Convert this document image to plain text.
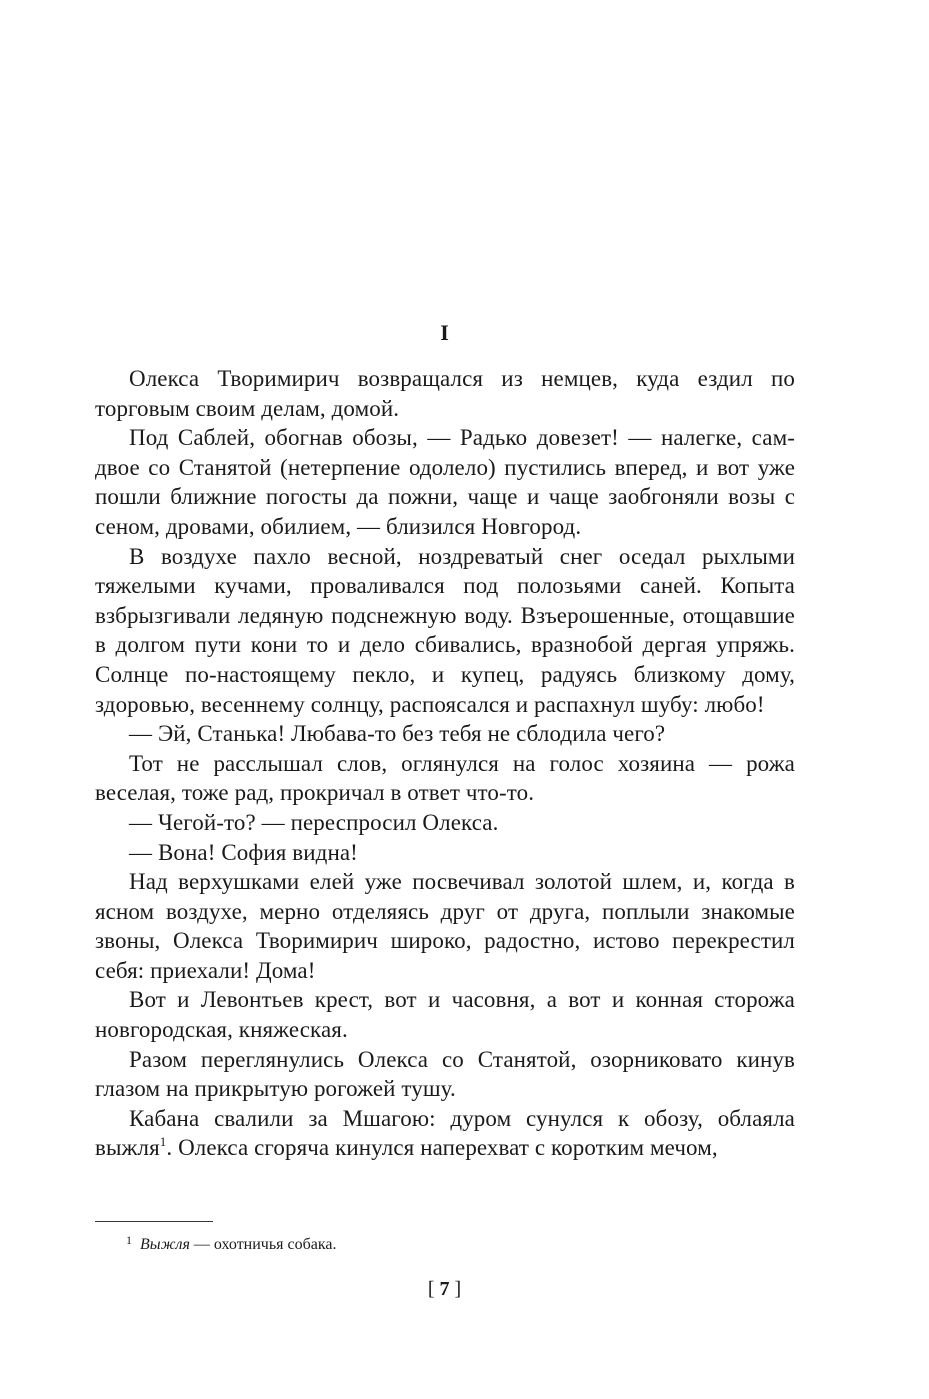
I

Олекса Творимирич возвращался из немцев, куда ездил по торговым своим делам, домой.

Под Саблей, обогнав обозы, — Радько довезет! — налегке, сам-двое со Станятой (нетерпение одолело) пустились вперед, и вот уже пошли ближние погосты да пожни, чаще и чаще заобгоняли возы с сеном, дровами, обилием, — близился Новгород.

В воздухе пахло весной, ноздреватый снег оседал рыхлыми тяжелыми кучами, проваливался под полозьями саней. Копыта взбрызгивали ледяную подснежную воду. Взъерошенные, отощавшие в долгом пути кони то и дело сбивались, вразнобой дергая упряжь. Солнце по-настоящему пекло, и купец, радуясь близкому дому, здоровью, весеннему солнцу, распоясался и распахнул шубу: любо!

— Эй, Станька! Любава-то без тебя не сблодила чего?

Тот не расслышал слов, оглянулся на голос хозяина — рожа веселая, тоже рад, прокричал в ответ что-то.

— Чегой-то? — переспросил Олекса.

— Вона! София видна!

Над верхушками елей уже посвечивал золотой шлем, и, когда в ясном воздухе, мерно отделяясь друг от друга, поплыли знакомые звоны, Олекса Творимирич широко, радостно, истово перекрестил себя: приехали! Дома!

Вот и Левонтьев крест, вот и часовня, а вот и конная сторожа новгородская, княжеская.

Разом переглянулись Олекса со Станятой, озорниковато кинув глазом на прикрытую рогожей тушу.

Кабана свалили за Мшагою: дуром сунулся к обозу, облаяла выжля$^1$. Олекса сгоряча кинулся наперехват с коротким мечом,

$^1$ Выжля — охотничья собака.
[ 7 ]
